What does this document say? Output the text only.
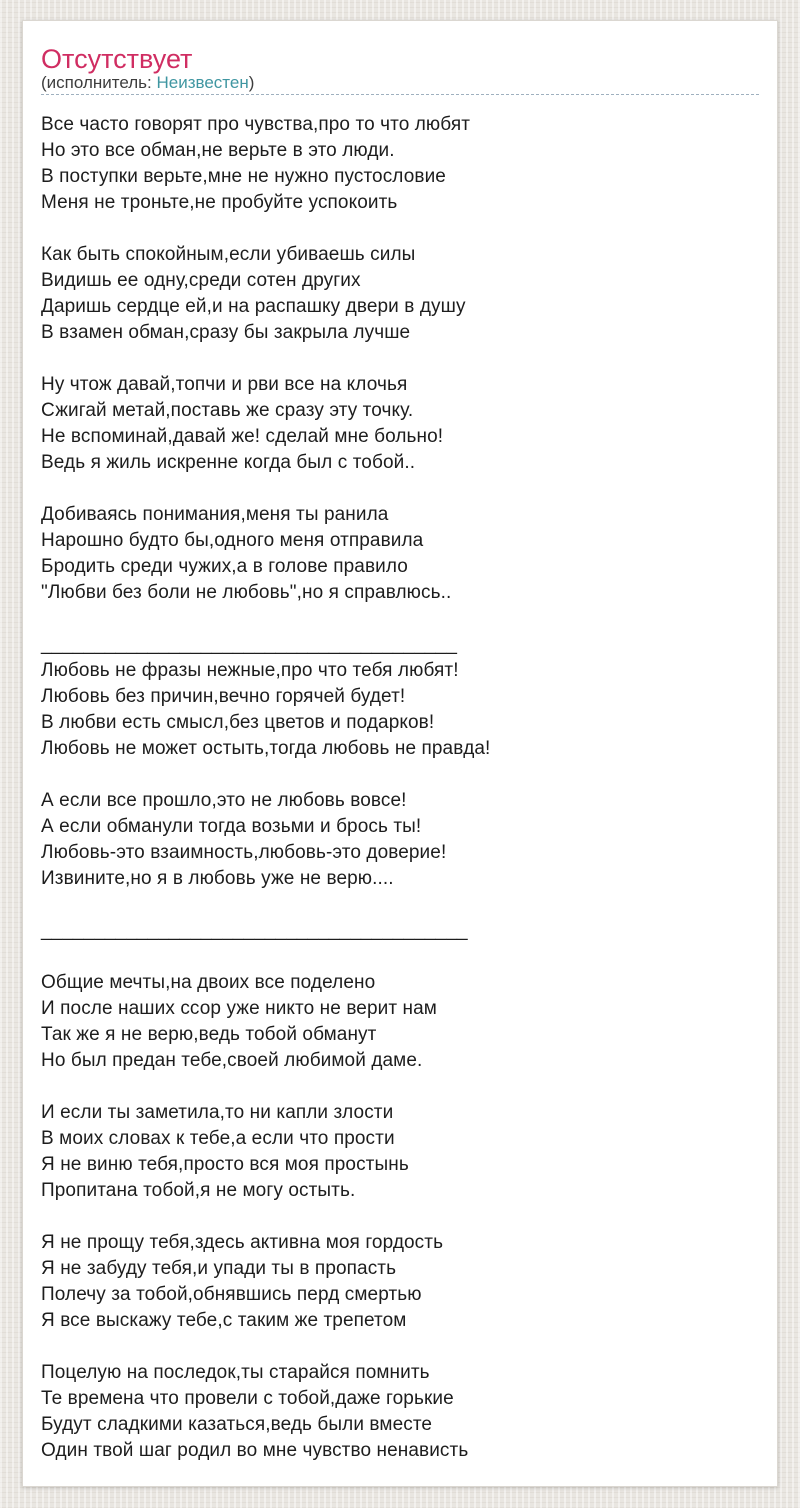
Отсутствует
(исполнитель: Неизвестен)
Все часто говорят про чувства,про то что любят
Но это все обман,не верьте в это люди.
В поступки верьте,мне не нужно пустословие
Меня не троньте,не пробуйте успокоить
Как быть спокойным,если убиваешь силы
Видишь ее одну,среди сотен других
Даришь сердце ей,и на распашку двери в душу
В взамен обман,сразу бы закрыла лучше
Ну чтож давай,топчи и рви все на клочья
Сжигай метай,поставь же сразу эту точку.
Не вспоминай,давай же! сделай мне больно!
Ведь я жиль искренне когда был с тобой..
Добиваясь понимания,меня ты ранила
Нарошно будто бы,одного меня отправила
Бродить среди чужих,а в голове правило
"Любви без боли не любовь",но я справлюсь..
_______________________________________
Любовь не фразы нежные,про что тебя любят!
Любовь без причин,вечно горячей будет!
В любви есть смысл,без цветов и подарков!
Любовь не может остыть,тогда любовь не правда!
А если все прошло,это не любовь вовсе!
А если обманули тогда возьми и брось ты!
Любовь-это взаимность,любовь-это доверие!
Извините,но я в любовь уже не верю....
________________________________________
Общие мечты,на двоих все поделено
И после наших ссор уже никто не верит нам
Так же я не верю,ведь тобой обманут
Но был предан тебе,своей любимой даме.
И если ты заметила,то ни капли злости
В моих словах к тебе,а если что прости
Я не виню тебя,просто вся моя простынь
Пропитана тобой,я не могу остыть.
Я не прощу тебя,здесь активна моя гордость
Я не забуду тебя,и упади ты в пропасть
Полечу за тобой,обнявшись перд смертью
Я все выскажу тебе,с таким же трепетом
Поцелую на последок,ты старайся помнить
Те времена что провели с тобой,даже горькие
Будут сладкими казаться,ведь были вместе
Один твой шаг родил во мне чувство ненависть
